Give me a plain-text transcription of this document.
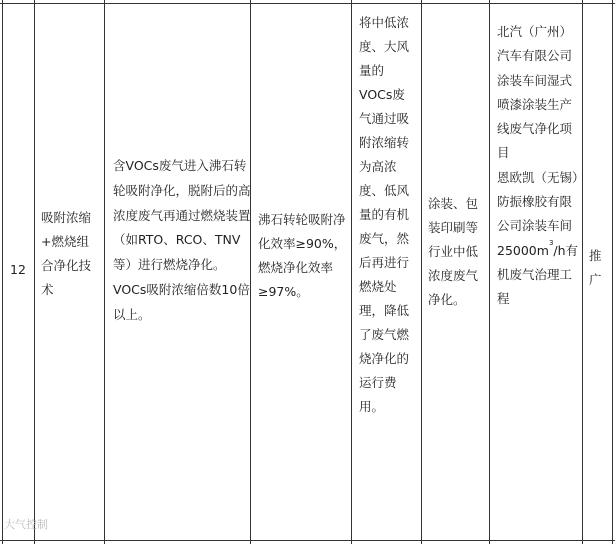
12
吸附浓缩+燃烧组合净化技术
含VOCs废气进入沸石转轮吸附净化，脱附后的高浓度废气再通过燃烧装置（如RTO、RCO、TNV等）进行燃烧净化。VOCs吸附浓缩倍数10倍以上。
沸石转轮吸附净化效率≥90%，燃烧净化效率≥97%。
将中低浓度、大风量的VOCs废气通过吸附浓缩转为高浓度、低风量的有机废气，然后再进行燃烧处理，降低了废气燃烧净化的运行费用。
涂装、包装印刷等行业中低浓度废气净化。
北汽（广州）汽车有限公司涂装车间湿式喷漆涂装生产线废气净化项目
恩欧凯（无锡）防振橡胶有限公司涂装车间
$25000m^3/h$有机废气治理工程
推广
大气控制
